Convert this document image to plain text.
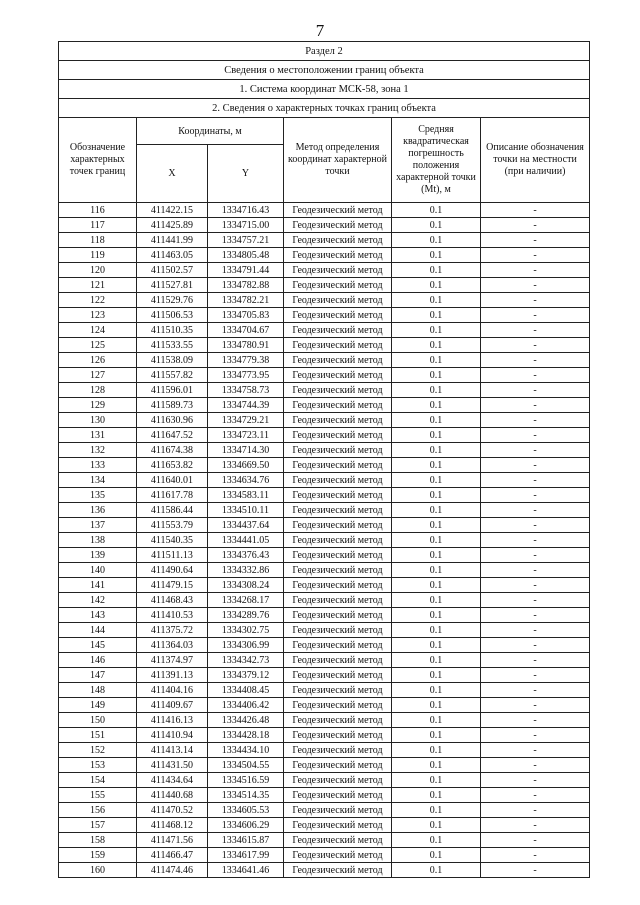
7
Раздел 2					
Сведения о местоположении границ объекта					
1. Система координат МСК-58, зона 1					
2. Сведения о характерных точках границ объекта					
Обозначение характерных точек границ	Координаты, м		Метод определения координат характерной точки	Средняя квадратическая погрешность положения характерной точки (Mt), м	Описание обозначения точки на местности (при наличии)
	X	Y			
116	411422.15	1334716.43	Геодезический метод	0.1	-
117	411425.89	1334715.00	Геодезический метод	0.1	-
118	411441.99	1334757.21	Геодезический метод	0.1	-
119	411463.05	1334805.48	Геодезический метод	0.1	-
120	411502.57	1334791.44	Геодезический метод	0.1	-
121	411527.81	1334782.88	Геодезический метод	0.1	-
122	411529.76	1334782.21	Геодезический метод	0.1	-
123	411506.53	1334705.83	Геодезический метод	0.1	-
124	411510.35	1334704.67	Геодезический метод	0.1	-
125	411533.55	1334780.91	Геодезический метод	0.1	-
126	411538.09	1334779.38	Геодезический метод	0.1	-
127	411557.82	1334773.95	Геодезический метод	0.1	-
128	411596.01	1334758.73	Геодезический метод	0.1	-
129	411589.73	1334744.39	Геодезический метод	0.1	-
130	411630.96	1334729.21	Геодезический метод	0.1	-
131	411647.52	1334723.11	Геодезический метод	0.1	-
132	411674.38	1334714.30	Геодезический метод	0.1	-
133	411653.82	1334669.50	Геодезический метод	0.1	-
134	411640.01	1334634.76	Геодезический метод	0.1	-
135	411617.78	1334583.11	Геодезический метод	0.1	-
136	411586.44	1334510.11	Геодезический метод	0.1	-
137	411553.79	1334437.64	Геодезический метод	0.1	-
138	411540.35	1334441.05	Геодезический метод	0.1	-
139	411511.13	1334376.43	Геодезический метод	0.1	-
140	411490.64	1334332.86	Геодезический метод	0.1	-
141	411479.15	1334308.24	Геодезический метод	0.1	-
142	411468.43	1334268.17	Геодезический метод	0.1	-
143	411410.53	1334289.76	Геодезический метод	0.1	-
144	411375.72	1334302.75	Геодезический метод	0.1	-
145	411364.03	1334306.99	Геодезический метод	0.1	-
146	411374.97	1334342.73	Геодезический метод	0.1	-
147	411391.13	1334379.12	Геодезический метод	0.1	-
148	411404.16	1334408.45	Геодезический метод	0.1	-
149	411409.67	1334406.42	Геодезический метод	0.1	-
150	411416.13	1334426.48	Геодезический метод	0.1	-
151	411410.94	1334428.18	Геодезический метод	0.1	-
152	411413.14	1334434.10	Геодезический метод	0.1	-
153	411431.50	1334504.55	Геодезический метод	0.1	-
154	411434.64	1334516.59	Геодезический метод	0.1	-
155	411440.68	1334514.35	Геодезический метод	0.1	-
156	411470.52	1334605.53	Геодезический метод	0.1	-
157	411468.12	1334606.29	Геодезический метод	0.1	-
158	411471.56	1334615.87	Геодезический метод	0.1	-
159	411466.47	1334617.99	Геодезический метод	0.1	-
160	411474.46	1334641.46	Геодезический метод	0.1	-
